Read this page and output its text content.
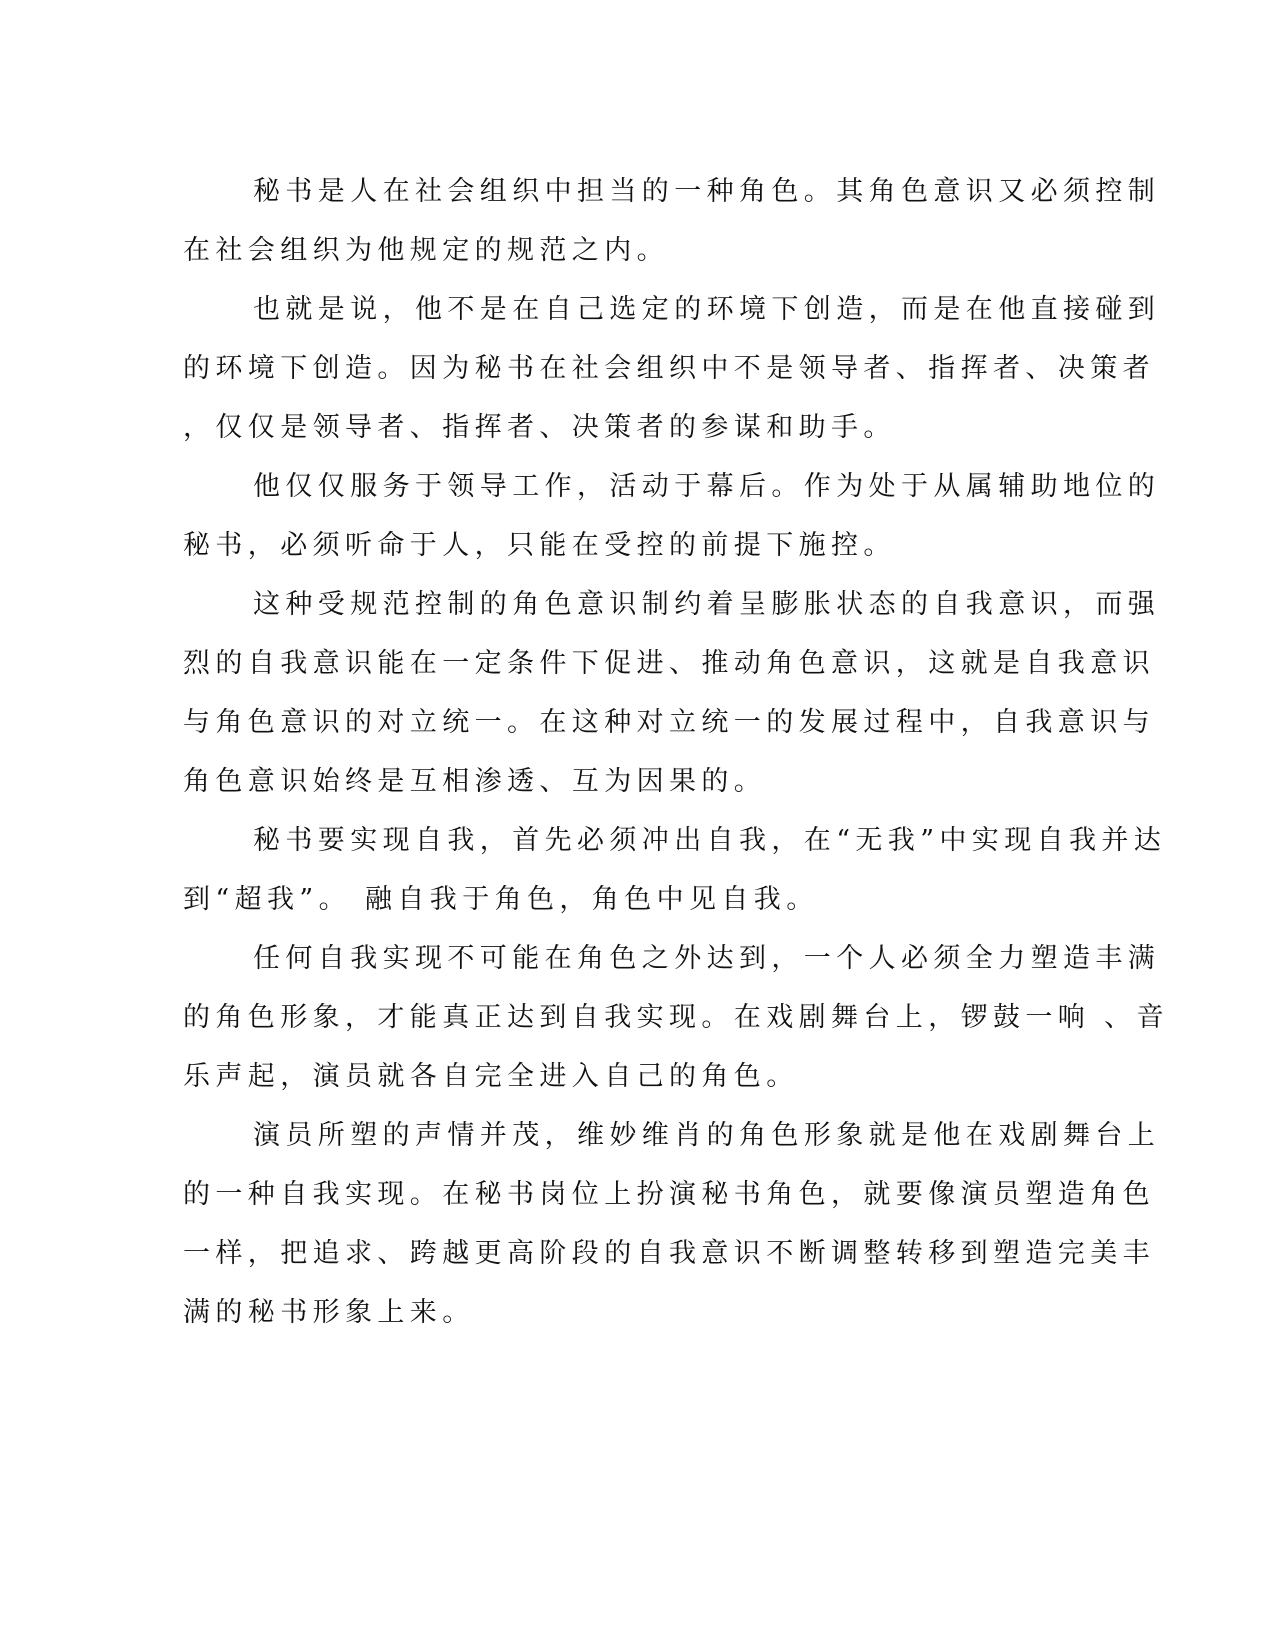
秘书是人在社会组织中担当的一种角色。其角色意识又必须控制
在社会组织为他规定的规范之内。
也就是说，他不是在自己选定的环境下创造，而是在他直接碰到
的环境下创造。因为秘书在社会组织中不是领导者、指挥者、决策者
，仅仅是领导者、指挥者、决策者的参谋和助手。
他仅仅服务于领导工作，活动于幕后。作为处于从属辅助地位的
秘书，必须听命于人，只能在受控的前提下施控。
这种受规范控制的角色意识制约着呈膨胀状态的自我意识，而强
烈的自我意识能在一定条件下促进、推动角色意识，这就是自我意识
与角色意识的对立统一。在这种对立统一的发展过程中，自我意识与
角色意识始终是互相渗透、互为因果的。
秘书要实现自我，首先必须冲出自我，在“无我”中实现自我并达
到“超我”。 融自我于角色，角色中见自我。
任何自我实现不可能在角色之外达到，一个人必须全力塑造丰满
的角色形象，才能真正达到自我实现。在戏剧舞台上，锣鼓一响 、音
乐声起，演员就各自完全进入自己的角色。
演员所塑的声情并茂，维妙维肖的角色形象就是他在戏剧舞台上
的一种自我实现。在秘书岗位上扮演秘书角色，就要像演员塑造角色
一样，把追求、跨越更高阶段的自我意识不断调整转移到塑造完美丰
满的秘书形象上来。
